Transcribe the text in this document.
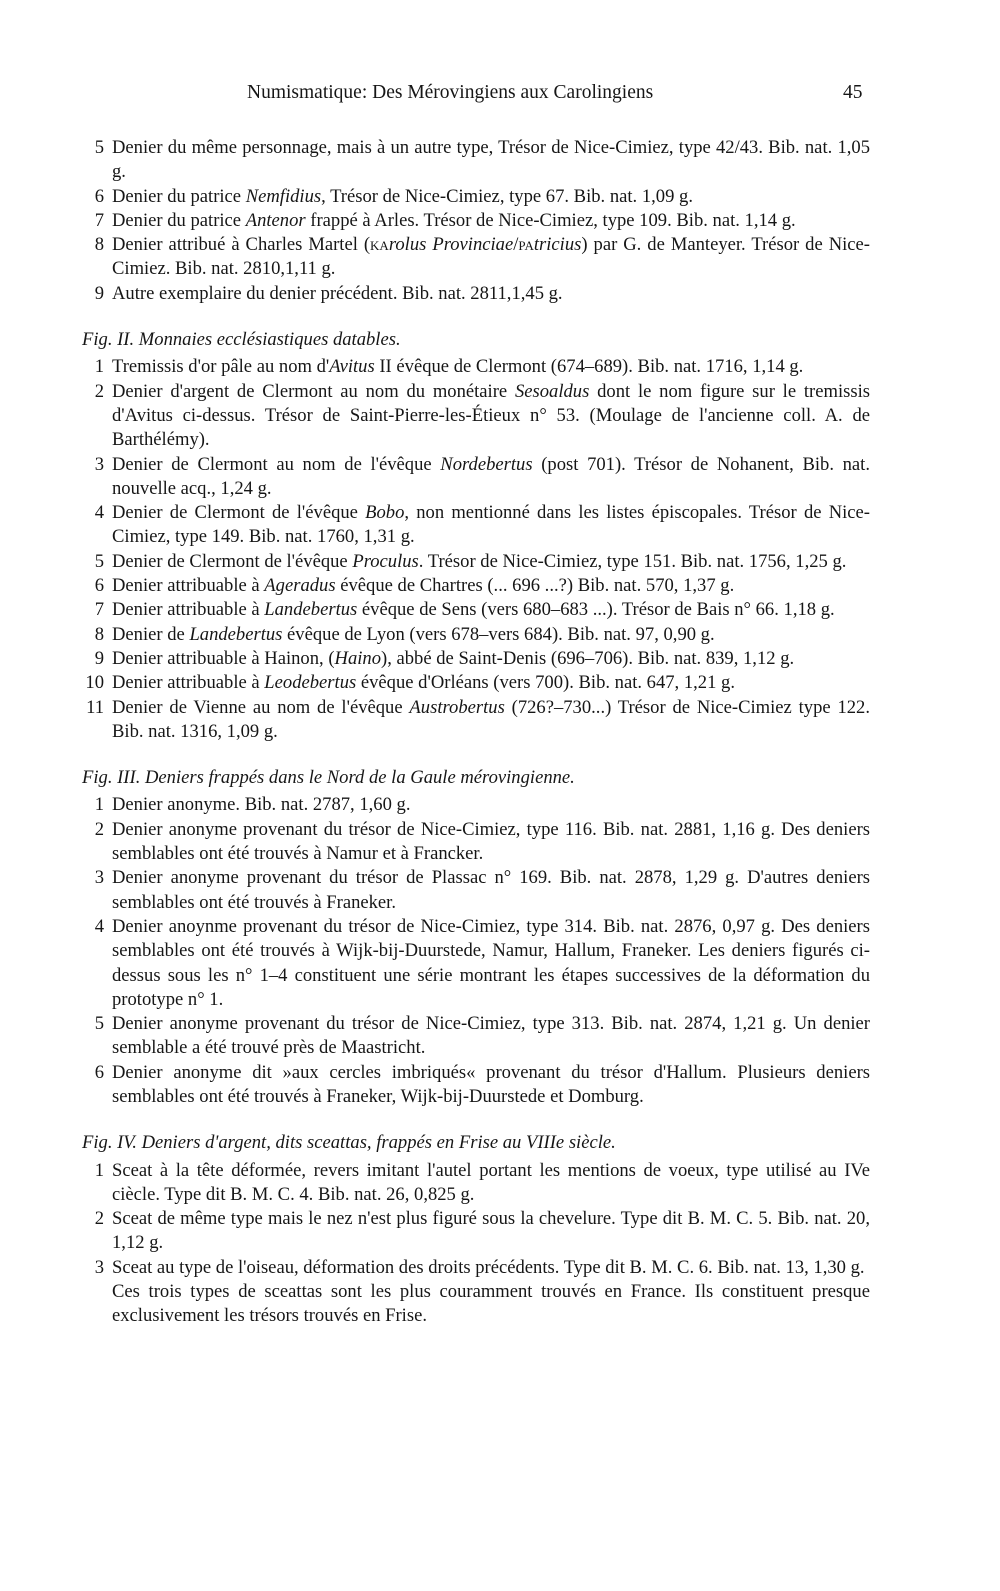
Numismatique: Des Mérovingiens aux Carolingiens	45

5 Denier du même personnage, mais à un autre type, Trésor de Nice-Cimiez, type 42/43. Bib. nat. 1,05 g.

6 Denier du patrice Nemfidius, Trésor de Nice-Cimiez, type 67. Bib. nat. 1,09 g.

7 Denier du patrice Antenor frappé à Arles. Trésor de Nice-Cimiez, type 109. Bib. nat. 1,14 g.

8 Denier attribué à Charles Martel (karolus Provinciae/patricius) par G. de Manteyer. Trésor de Nice-Cimiez. Bib. nat. 2810,1,11 g.

9 Autre exemplaire du denier précédent. Bib. nat. 2811,1,45 g.

Fig. II. Monnaies ecclésiastiques datables.

1 Tremissis d'or pâle au nom d'Avitus II évêque de Clermont (674–689). Bib. nat. 1716, 1,14 g.

2 Denier d'argent de Clermont au nom du monétaire Sesoaldus dont le nom figure sur le tremissis d'Avitus ci-dessus. Trésor de Saint-Pierre-les-Étieux n° 53. (Moulage de l'ancienne coll. A. de Barthélémy).

3 Denier de Clermont au nom de l'évêque Nordebertus (post 701). Trésor de Nohanent, Bib. nat. nouvelle acq., 1,24 g.

4 Denier de Clermont de l'évêque Bobo, non mentionné dans les listes épiscopales. Trésor de Nice-Cimiez, type 149. Bib. nat. 1760, 1,31 g.

5 Denier de Clermont de l'évêque Proculus. Trésor de Nice-Cimiez, type 151. Bib. nat. 1756, 1,25 g.

6 Denier attribuable à Ageradus évêque de Chartres (... 696 ...?) Bib. nat. 570, 1,37 g.

7 Denier attribuable à Landebertus évêque de Sens (vers 680–683 ...). Trésor de Bais n° 66. 1,18 g.

8 Denier de Landebertus évêque de Lyon (vers 678–vers 684). Bib. nat. 97, 0,90 g.

9 Denier attribuable à Hainon, (Haino), abbé de Saint-Denis (696–706). Bib. nat. 839, 1,12 g.

10 Denier attribuable à Leodebertus évêque d'Orléans (vers 700). Bib. nat. 647, 1,21 g.

11 Denier de Vienne au nom de l'évêque Austrobertus (726?–730...) Trésor de Nice-Cimiez type 122. Bib. nat. 1316, 1,09 g.

Fig. III. Deniers frappés dans le Nord de la Gaule mérovingienne.

1 Denier anonyme. Bib. nat. 2787, 1,60 g.

2 Denier anonyme provenant du trésor de Nice-Cimiez, type 116. Bib. nat. 2881, 1,16 g. Des deniers semblables ont été trouvés à Namur et à Francker.

3 Denier anonyme provenant du trésor de Plassac n° 169. Bib. nat. 2878, 1,29 g. D'autres deniers semblables ont été trouvés à Franeker.

4 Denier anoynme provenant du trésor de Nice-Cimiez, type 314. Bib. nat. 2876, 0,97 g. Des deniers semblables ont été trouvés à Wijk-bij-Duurstede, Namur, Hallum, Franeker. Les deniers figurés ci-dessus sous les n° 1–4 constituent une série montrant les étapes successives de la déformation du prototype n° 1.

5 Denier anonyme provenant du trésor de Nice-Cimiez, type 313. Bib. nat. 2874, 1,21 g. Un denier semblable a été trouvé près de Maastricht.

6 Denier anonyme dit »aux cercles imbriqués« provenant du trésor d'Hallum. Plusieurs deniers semblables ont été trouvés à Franeker, Wijk-bij-Duurstede et Domburg.

Fig. IV. Deniers d'argent, dits sceattas, frappés en Frise au VIIIe siècle.

1 Sceat à la tête déformée, revers imitant l'autel portant les mentions de voeux, type utilisé au IVe ciècle. Type dit B. M. C. 4. Bib. nat. 26, 0,825 g.

2 Sceat de même type mais le nez n'est plus figuré sous la chevelure. Type dit B. M. C. 5. Bib. nat. 20, 1,12 g.

3 Sceat au type de l'oiseau, déformation des droits précédents. Type dit B. M. C. 6. Bib. nat. 13, 1,30 g.

Ces trois types de sceattas sont les plus couramment trouvés en France. Ils constituent presque exclusivement les trésors trouvés en Frise.
